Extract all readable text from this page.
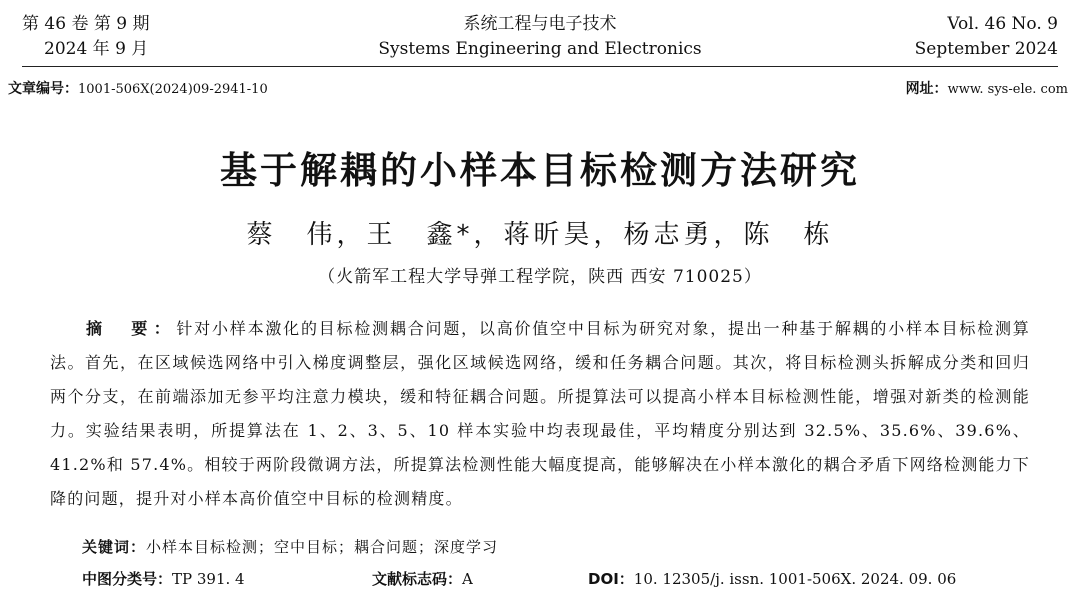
第 46 卷 第 9 期
2024 年 9 月
系统工程与电子技术
Systems Engineering and Electronics
Vol. 46 No. 9
September 2024
文章编号：1001-506X(2024)09-2941-10	网址：www. sys-ele. com
基于解耦的小样本目标检测方法研究
蔡　伟，王　鑫*，蒋昕昊，杨志勇，陈　栋
（火箭军工程大学导弹工程学院，陕西 西安 710025）
摘　要：针对小样本激化的目标检测耦合问题，以高价值空中目标为研究对象，提出一种基于解耦的小样本目标检测算法。首先，在区域候选网络中引入梯度调整层，强化区域候选网络，缓和任务耦合问题。其次，将目标检测头拆解成分类和回归两个分支，在前端添加无参平均注意力模块，缓和特征耦合问题。所提算法可以提高小样本目标检测性能，增强对新类的检测能力。实验结果表明，所提算法在 1、2、3、5、10 样本实验中均表现最佳，平均精度分别达到 32.5%、35.6%、39.6%、41.2%和 57.4%。相较于两阶段微调方法，所提算法检测性能大幅度提高，能够解决在小样本激化的耦合矛盾下网络检测能力下降的问题，提升对小样本高价值空中目标的检测精度。
关键词：小样本目标检测；空中目标；耦合问题；深度学习
中图分类号：TP 391. 4	文献标志码：A	DOI：10. 12305/j. issn. 1001-506X. 2024. 09. 06
